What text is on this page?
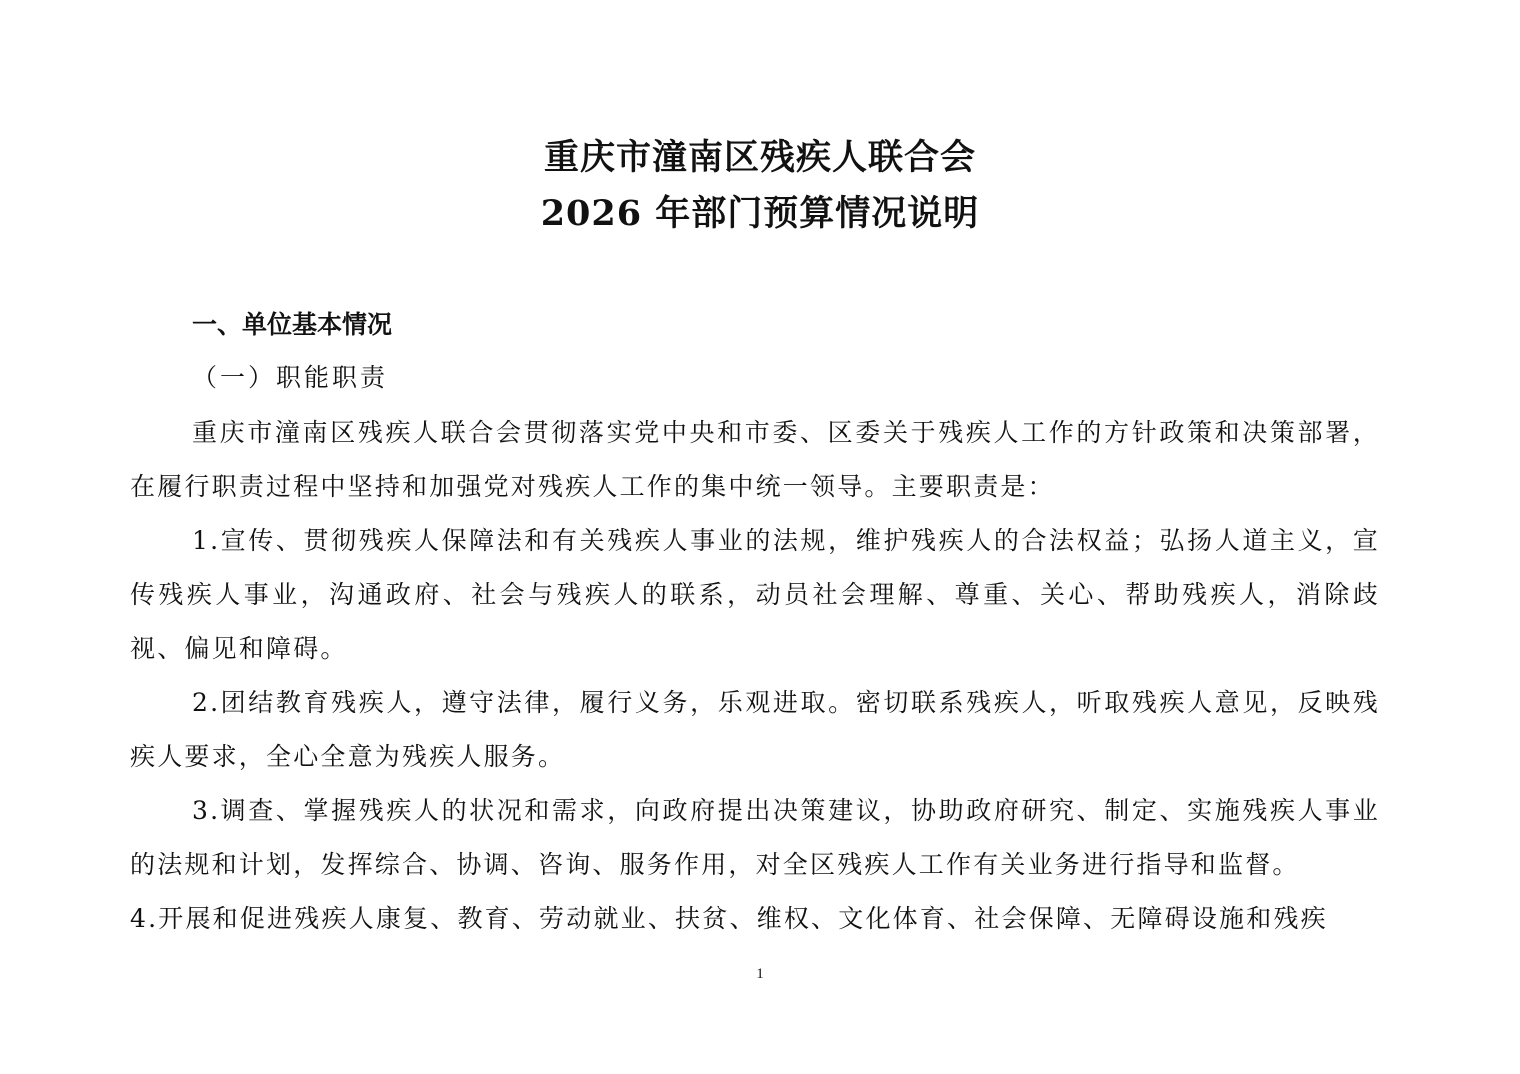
重庆市潼南区残疾人联合会
2026 年部门预算情况说明
一、单位基本情况
（一）职能职责

重庆市潼南区残疾人联合会贯彻落实党中央和市委、区委关于残疾人工作的方针政策和决策部署，在履行职责过程中坚持和加强党对残疾人工作的集中统一领导。主要职责是：

1.宣传、贯彻残疾人保障法和有关残疾人事业的法规，维护残疾人的合法权益；弘扬人道主义，宣传残疾人事业，沟通政府、社会与残疾人的联系，动员社会理解、尊重、关心、帮助残疾人，消除歧视、偏见和障碍。

2.团结教育残疾人，遵守法律，履行义务，乐观进取。密切联系残疾人，听取残疾人意见，反映残疾人要求，全心全意为残疾人服务。

3.调查、掌握残疾人的状况和需求，向政府提出决策建议，协助政府研究、制定、实施残疾人事业的法规和计划，发挥综合、协调、咨询、服务作用，对全区残疾人工作有关业务进行指导和监督。

4.开展和促进残疾人康复、教育、劳动就业、扶贫、维权、文化体育、社会保障、无障碍设施和残疾

1
